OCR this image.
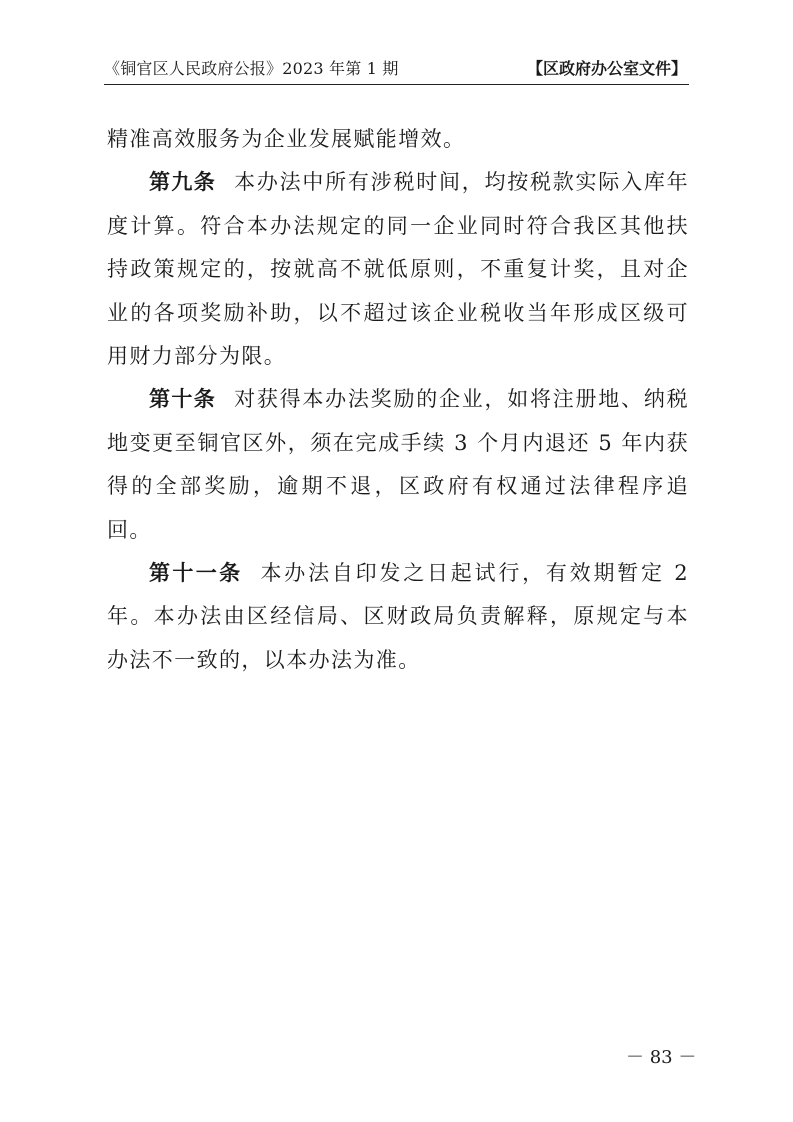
《铜官区人民政府公报》2023 年第 1 期	【区政府办公室文件】

精准高效服务为企业发展赋能增效。

第九条 本办法中所有涉税时间，均按税款实际入库年度计算。符合本办法规定的同一企业同时符合我区其他扶持政策规定的，按就高不就低原则，不重复计奖，且对企业的各项奖励补助，以不超过该企业税收当年形成区级可用财力部分为限。

第十条 对获得本办法奖励的企业，如将注册地、纳税地变更至铜官区外，须在完成手续 3 个月内退还 5 年内获得的全部奖励，逾期不退，区政府有权通过法律程序追回。

第十一条 本办法自印发之日起试行，有效期暂定 2 年。本办法由区经信局、区财政局负责解释，原规定与本办法不一致的，以本办法为准。

－ 83 －
